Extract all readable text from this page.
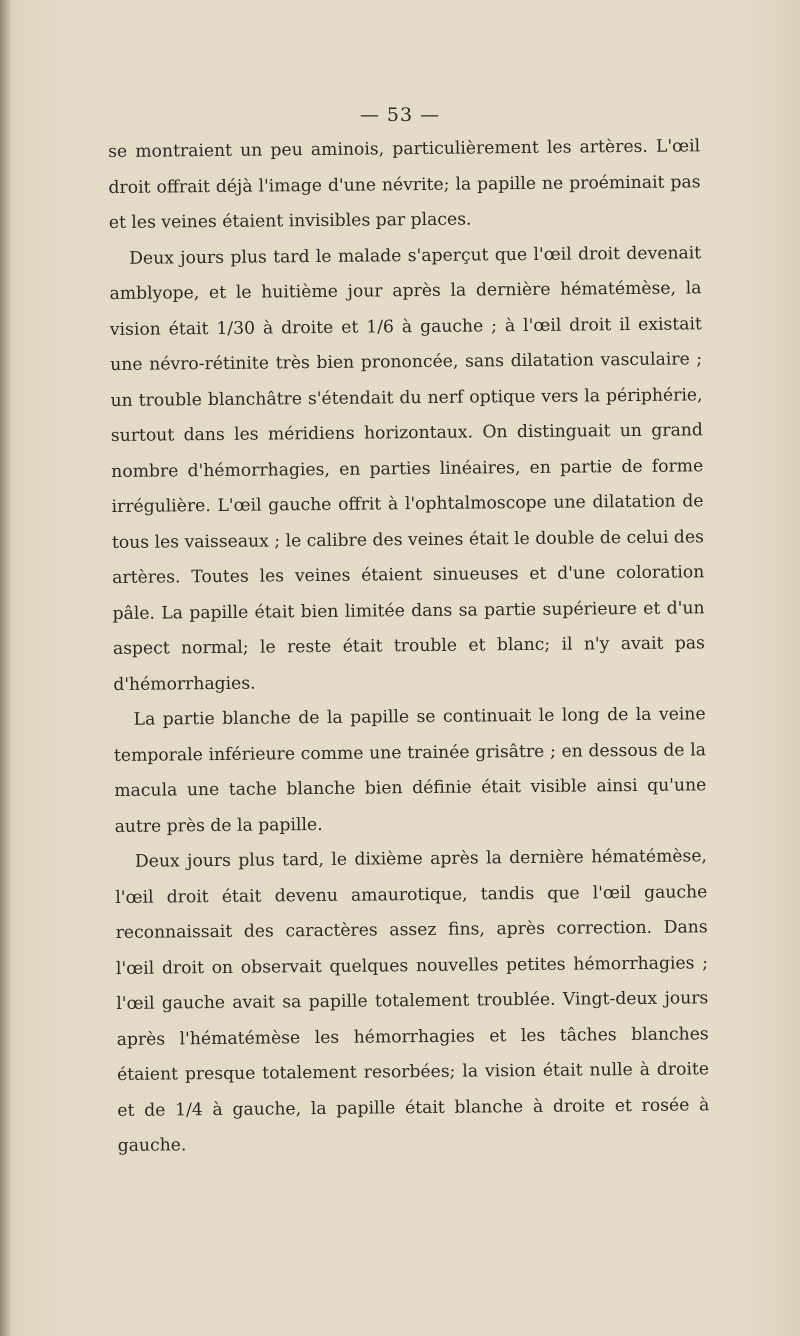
— 53 —

se montraient un peu aminois, particulièrement les artères. L'œil droit offrait déjà l'image d'une névrite; la papille ne proéminait pas et les veines étaient invisibles par places.

Deux jours plus tard le malade s'aperçut que l'œil droit devenait amblyope, et le huitième jour après la dernière hématémèse, la vision était 1/30 à droite et 1/6 à gauche ; à l'œil droit il existait une névro-rétinite très bien prononcée, sans dilatation vasculaire ; un trouble blanchâtre s'étendait du nerf optique vers la périphérie, surtout dans les méridiens horizontaux. On distinguait un grand nombre d'hémorrhagies, en parties linéaires, en partie de forme irrégulière. L'œil gauche offrit à l'ophtalmoscope une dilatation de tous les vaisseaux ; le calibre des veines était le double de celui des artères. Toutes les veines étaient sinueuses et d'une coloration pâle. La papille était bien limitée dans sa partie supérieure et d'un aspect normal; le reste était trouble et blanc; il n'y avait pas d'hémorrhagies.

La partie blanche de la papille se continuait le long de la veine temporale inférieure comme une trainée grisâtre ; en dessous de la macula une tache blanche bien définie était visible ainsi qu'une autre près de la papille.

Deux jours plus tard, le dixième après la dernière hématémèse, l'œil droit était devenu amaurotique, tandis que l'œil gauche reconnaissait des caractères assez fins, après correction. Dans l'œil droit on observait quelques nouvelles petites hémorrhagies ; l'œil gauche avait sa papille totalement troublée. Vingt-deux jours après l'hématémèse les hémorrhagies et les tâches blanches étaient presque totalement resorbées; la vision était nulle à droite et de 1/4 à gauche, la papille était blanche à droite et rosée à gauche.
